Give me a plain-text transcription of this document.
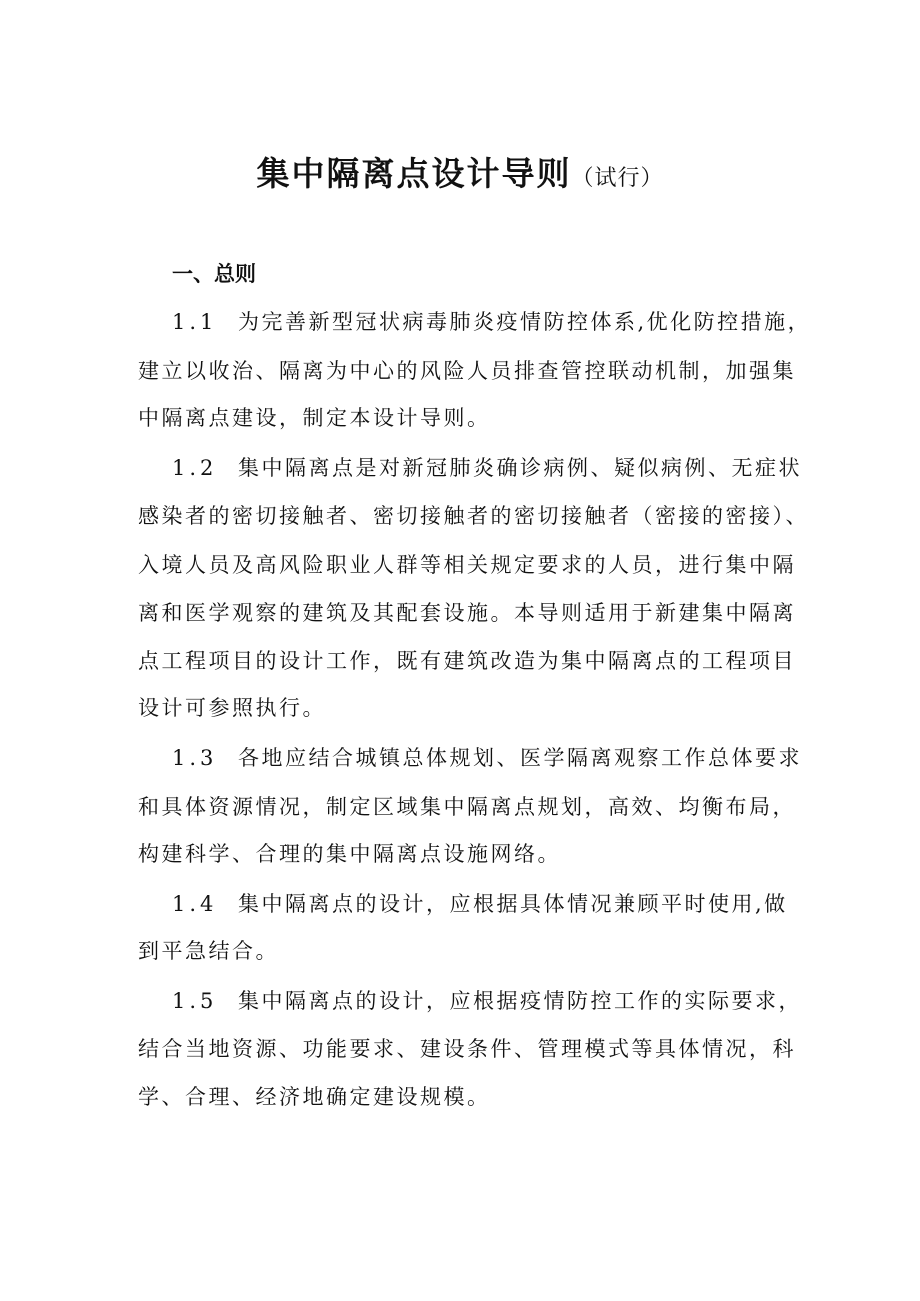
集中隔离点设计导则（试行）
一、总则
1.1 为完善新型冠状病毒肺炎疫情防控体系,优化防控措施，
建立以收治、隔离为中心的风险人员排查管控联动机制，加强集
中隔离点建设，制定本设计导则。
1.2 集中隔离点是对新冠肺炎确诊病例、疑似病例、无症状
感染者的密切接触者、密切接触者的密切接触者（密接的密接）、
入境人员及高风险职业人群等相关规定要求的人员，进行集中隔
离和医学观察的建筑及其配套设施。本导则适用于新建集中隔离
点工程项目的设计工作，既有建筑改造为集中隔离点的工程项目
设计可参照执行。
1.3 各地应结合城镇总体规划、医学隔离观察工作总体要求
和具体资源情况，制定区域集中隔离点规划，高效、均衡布局，
构建科学、合理的集中隔离点设施网络。
1.4 集中隔离点的设计，应根据具体情况兼顾平时使用,做
到平急结合。
1.5 集中隔离点的设计，应根据疫情防控工作的实际要求，
结合当地资源、功能要求、建设条件、管理模式等具体情况，科
学、合理、经济地确定建设规模。
